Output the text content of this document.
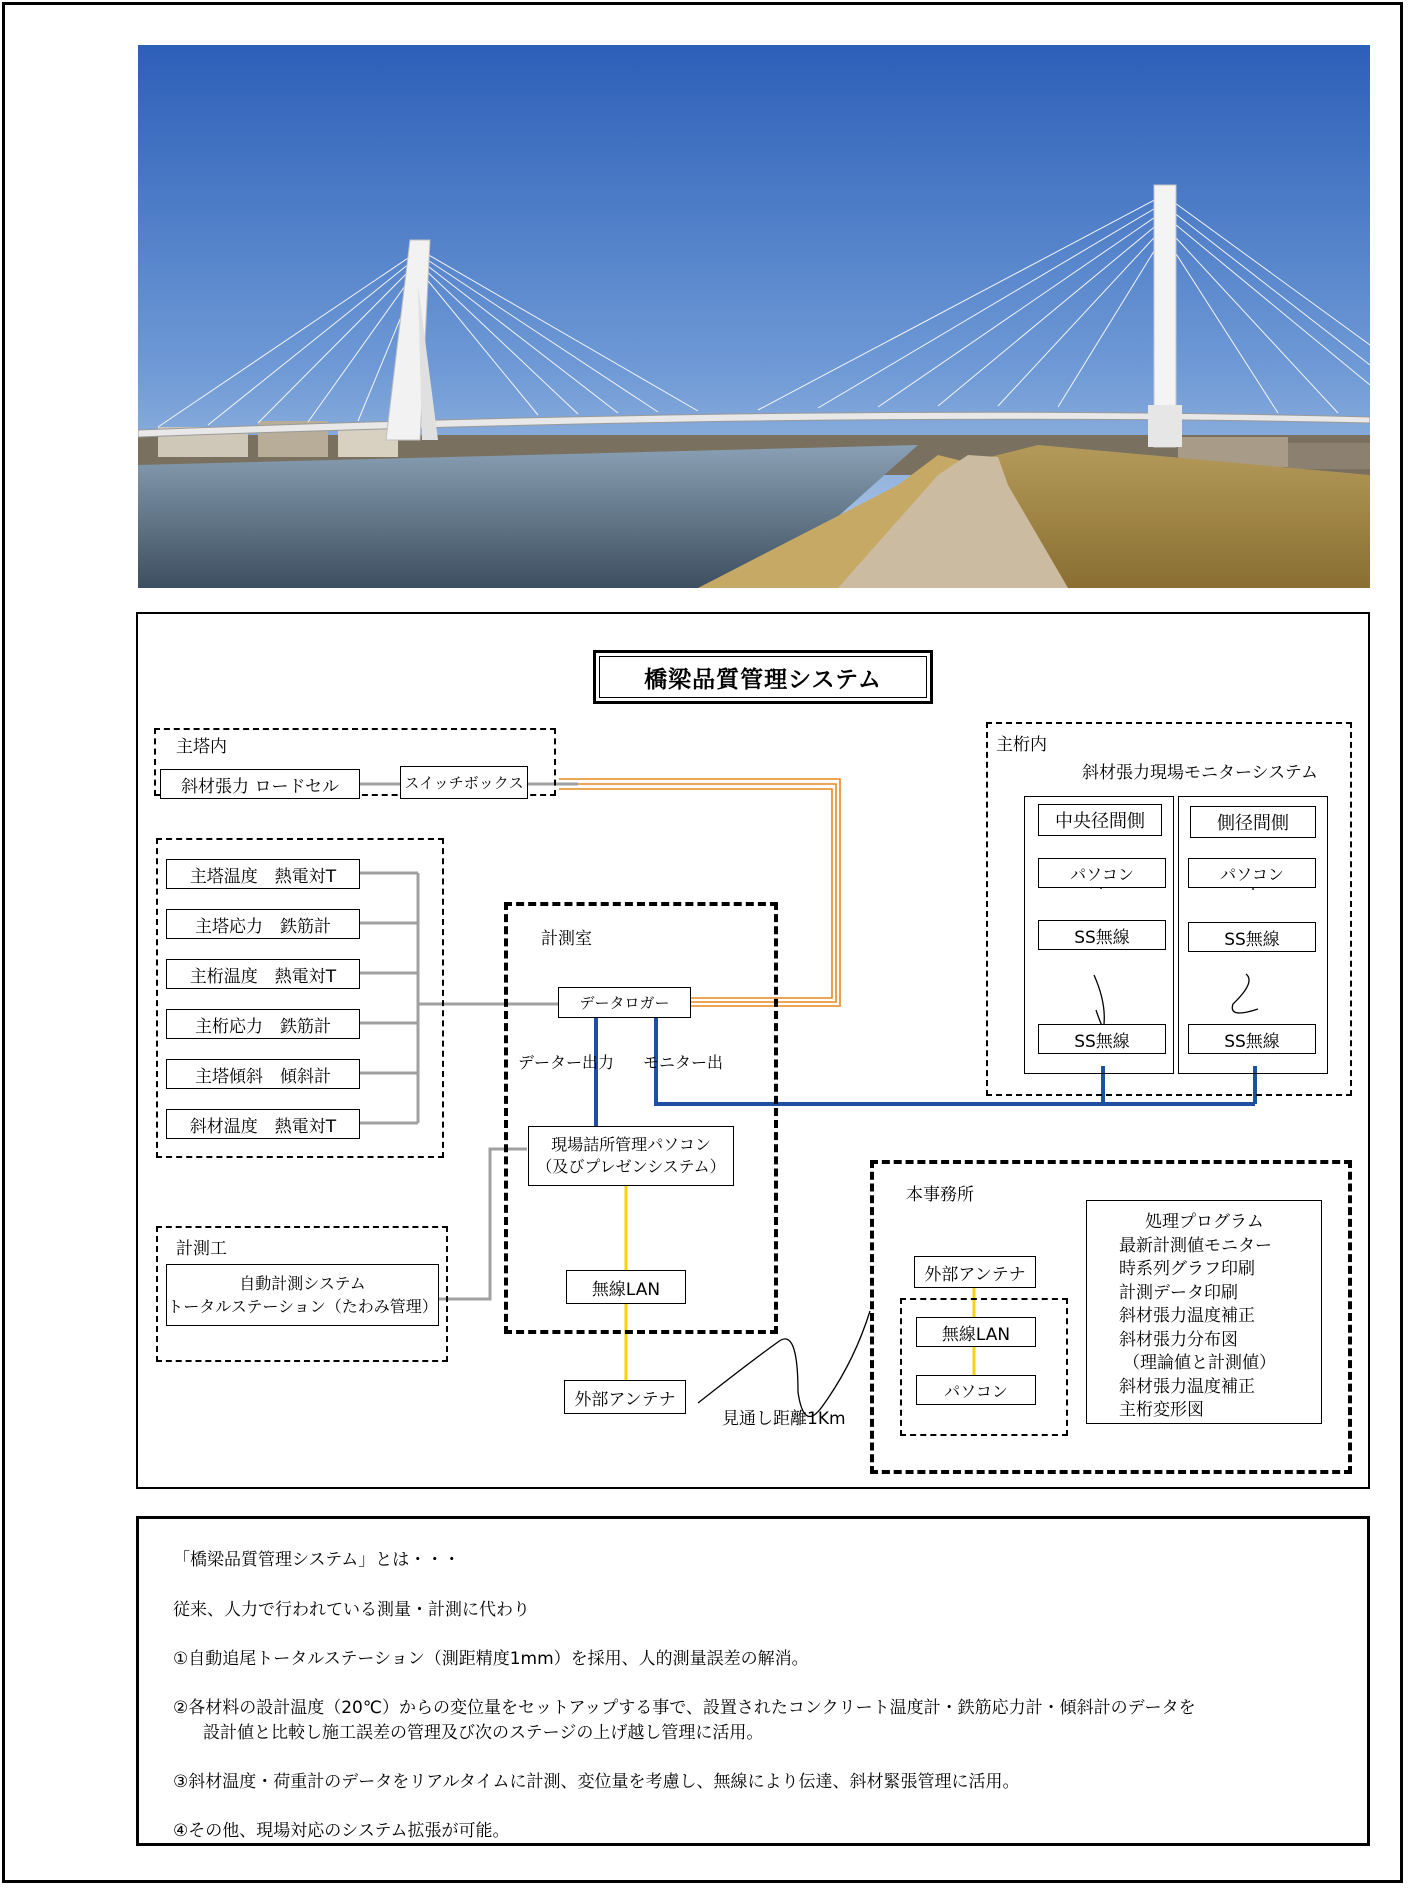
橋梁品質管理システム
主塔内
斜材張力 ロードセル	スイッチボックス
主塔温度　熱電対T
主塔応力　鉄筋計
主桁温度　熱電対T
主桁応力　鉄筋計
主塔傾斜　傾斜計
斜材温度　熱電対T
計測室
データロガー
データー出力 モニター出
現場詰所管理パソコン
（及びプレゼンシステム）
無線LAN
外部アンテナ
見通し距離1Km
計測工
自動計測システム
トータルステーション（たわみ管理）
主桁内
斜材張力現場モニターシステム
中央径間側	側径間側
パソコン	パソコン
SS無線	SS無線
SS無線	SS無線
本事務所
外部アンテナ
無線LAN
パソコン
処理プログラム
最新計測値モニター
時系列グラフ印刷
計測データ印刷
斜材張力温度補正
斜材張力分布図
（理論値と計測値）
斜材張力温度補正
主桁変形図

「橋梁品質管理システム」とは・・・

従来、人力で行われている測量・計測に代わり

①自動追尾トータルステーション（測距精度1mm）を採用、人的測量誤差の解消。

②各材料の設計温度（20℃）からの変位量をセットアップする事で、設置されたコンクリート温度計・鉄筋応力計・傾斜計のデータを

設計値と比較し施工誤差の管理及び次のステージの上げ越し管理に活用。

③斜材温度・荷重計のデータをリアルタイムに計測、変位量を考慮し、無線により伝達、斜材緊張管理に活用。

④その他、現場対応のシステム拡張が可能。
